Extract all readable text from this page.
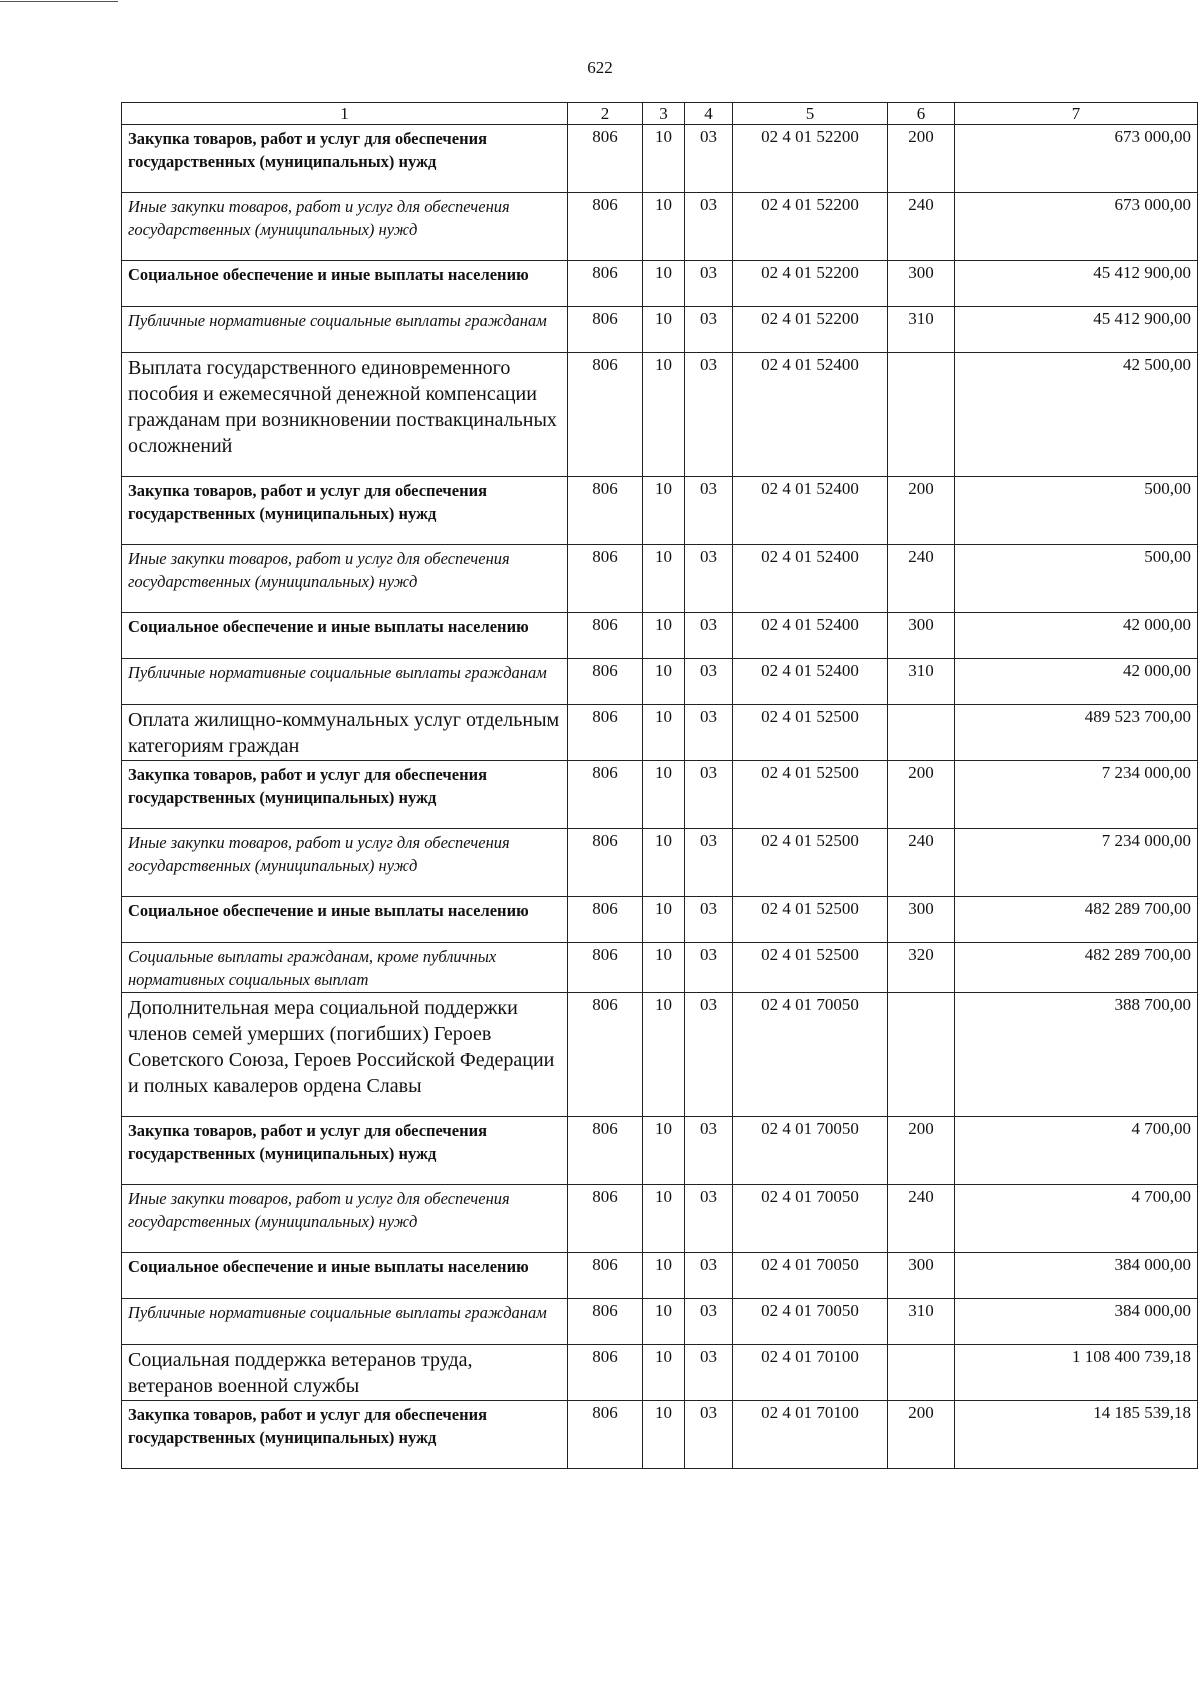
622
1	2	3	4	5	6	7
Закупка товаров, работ и услуг для обеспечения государственных (муниципальных) нужд	806	10	03	02 4 01 52200	200	673 000,00
Иные закупки товаров, работ и услуг для обеспечения государственных (муниципальных) нужд	806	10	03	02 4 01 52200	240	673 000,00
Социальное обеспечение и иные выплаты населению	806	10	03	02 4 01 52200	300	45 412 900,00
Публичные нормативные социальные выплаты гражданам	806	10	03	02 4 01 52200	310	45 412 900,00
Выплата государственного единовременного пособия и ежемесячной денежной компенсации гражданам при возникновении поствакцинальных осложнений	806	10	03	02 4 01 52400		42 500,00
Закупка товаров, работ и услуг для обеспечения государственных (муниципальных) нужд	806	10	03	02 4 01 52400	200	500,00
Иные закупки товаров, работ и услуг для обеспечения государственных (муниципальных) нужд	806	10	03	02 4 01 52400	240	500,00
Социальное обеспечение и иные выплаты населению	806	10	03	02 4 01 52400	300	42 000,00
Публичные нормативные социальные выплаты гражданам	806	10	03	02 4 01 52400	310	42 000,00
Оплата жилищно-коммунальных услуг отдельным категориям граждан	806	10	03	02 4 01 52500		489 523 700,00
Закупка товаров, работ и услуг для обеспечения государственных (муниципальных) нужд	806	10	03	02 4 01 52500	200	7 234 000,00
Иные закупки товаров, работ и услуг для обеспечения государственных (муниципальных) нужд	806	10	03	02 4 01 52500	240	7 234 000,00
Социальное обеспечение и иные выплаты населению	806	10	03	02 4 01 52500	300	482 289 700,00
Социальные выплаты гражданам, кроме публичных нормативных социальных выплат	806	10	03	02 4 01 52500	320	482 289 700,00
Дополнительная мера социальной поддержки членов семей умерших (погибших) Героев Советского Союза, Героев Российской Федерации и полных кавалеров ордена Славы	806	10	03	02 4 01 70050		388 700,00
Закупка товаров, работ и услуг для обеспечения государственных (муниципальных) нужд	806	10	03	02 4 01 70050	200	4 700,00
Иные закупки товаров, работ и услуг для обеспечения государственных (муниципальных) нужд	806	10	03	02 4 01 70050	240	4 700,00
Социальное обеспечение и иные выплаты населению	806	10	03	02 4 01 70050	300	384 000,00
Публичные нормативные социальные выплаты гражданам	806	10	03	02 4 01 70050	310	384 000,00
Социальная поддержка ветеранов труда, ветеранов военной службы	806	10	03	02 4 01 70100		1 108 400 739,18
Закупка товаров, работ и услуг для обеспечения государственных (муниципальных) нужд	806	10	03	02 4 01 70100	200	14 185 539,18
